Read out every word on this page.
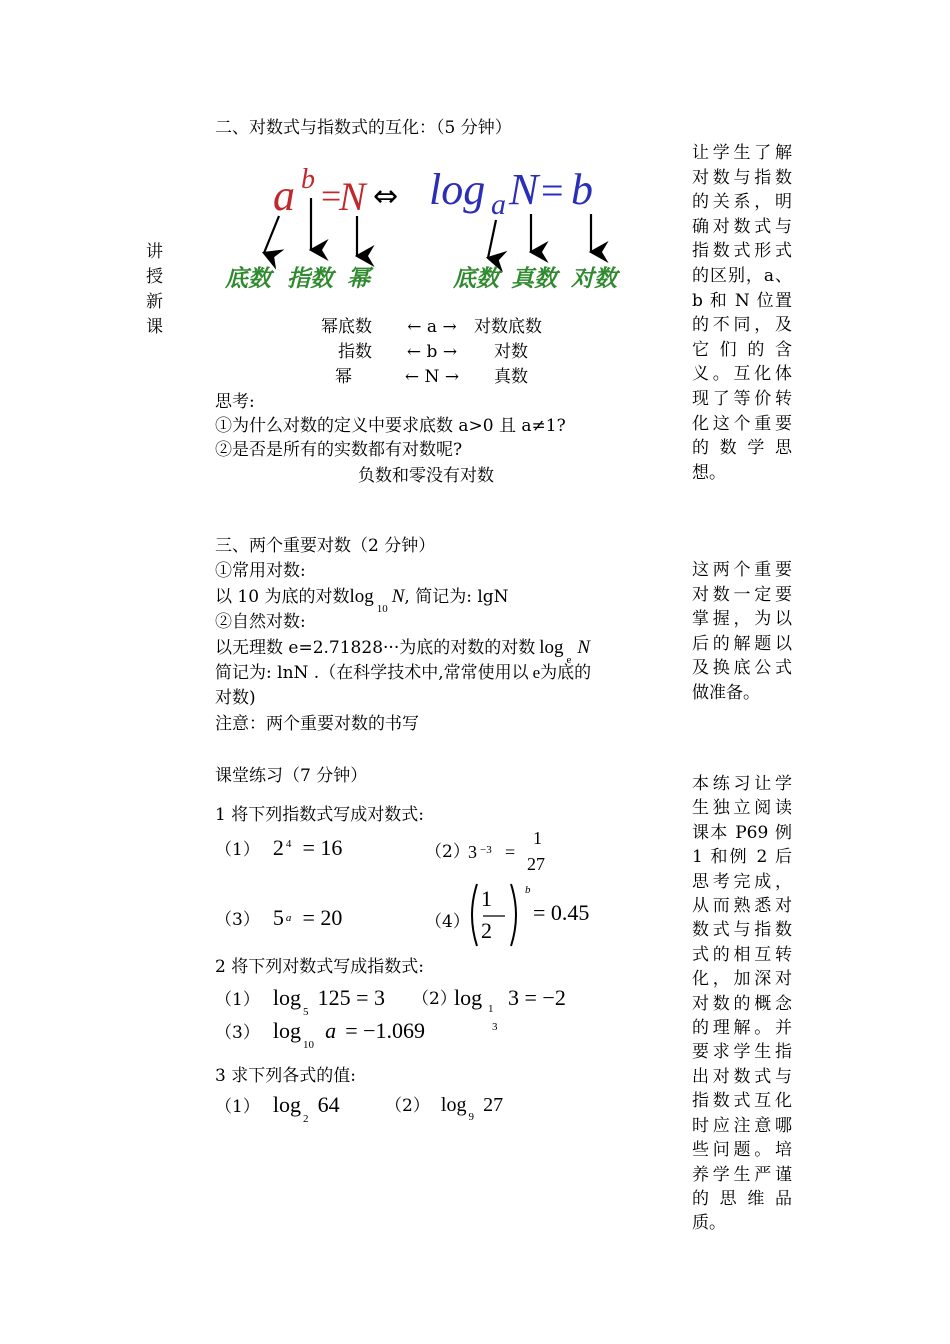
二、对数式与指数式的互化：（5 分钟）
讲
授
新
课
a b =
N ⇔ log a N = b
底数 指数 幂	底数 真数 对数
幂底数	← a →	对数底数
指数	← b →	对数
幂	← N →	真数
思考:
①为什么对数的定义中要求底数 a>0 且 a≠1?
②是否是所有的实数都有对数呢?
负数和零没有对数
让学生了解对数与指数的关系，明确对数式与指数式形式的区别，a、b 和 N 位置的不同，及它们的含义。互化体现了等价转化这个重要的数学思想。
三、两个重要对数（2 分钟）
①常用对数:
以 10 为底的对数$\log_{10}N$, 简记为: lgN
②自然对数:
以无理数 e=2.71828···为底的对数的对数 $\log_eN$
简记为: lnN .（在科学技术中,常常使用以 e为底的
对数)
注意：两个重要对数的书写
这两个重要对数一定要掌握，为以后的解题以及换底公式做准备。
课堂练习（7 分钟）
1 将下列指数式写成对数式:
（1） 2 $^4$ = 16	（2）
3 −3 =
1
27
（3） 5 $^a$ = 20	（4）
1
2
b
= 0.45
2 将下列对数式写成指数式:
（1） $\log_5 125 = 3$ （2）
log 1
3
3 = −2
（3） $\log_{10} a = -1.069$
3 求下列各式的值:
（1） $\log_2 64$	（2） $\log_9 27$
本练习让学生独立阅读课本 P69 例 1 和例 2 后思考完成，从而熟悉对数式与指数式的相互转化，加深对对数的概念的理解。并要求学生指出对数式与指数式互化时应注意哪些问题。培养学生严谨的思维品质。
